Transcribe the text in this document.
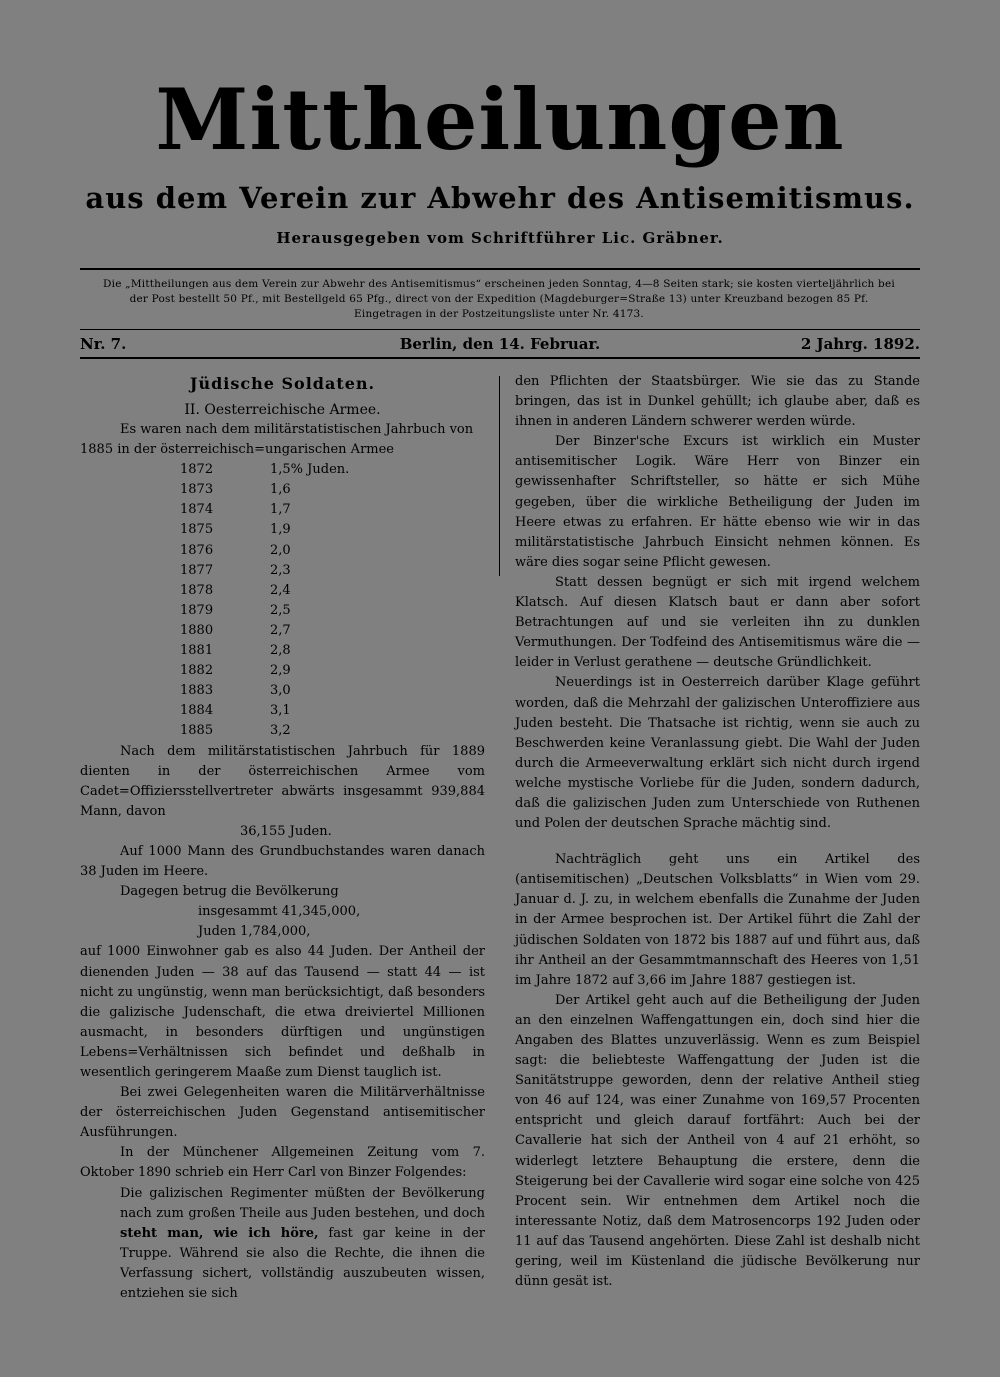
Mittheilungen
aus dem Verein zur Abwehr des Antisemitismus.
Herausgegeben vom Schriftführer Lic. Gräbner.
Die „Mittheilungen aus dem Verein zur Abwehr des Antisemitismus“ erscheinen jeden Sonntag, 4—8 Seiten stark; sie kosten vierteljährlich bei
der Post bestellt 50 Pf., mit Bestellgeld 65 Pfg., direct von der Expedition (Magdeburger=Straße 13) unter Kreuzband bezogen 85 Pf.
Eingetragen in der Postzeitungsliste unter Nr. 4173.
Nr. 7.	Berlin, den 14. Februar.	2 Jahrg. 1892.
Jüdische Soldaten.
II. Oesterreichische Armee.

Es waren nach dem militärstatistischen Jahrbuch von

1885 in der österreichisch=ungarischen Armee

1872	1,5% Juden.
1873	1,6
1874	1,7
1875	1,9
1876	2,0
1877	2,3
1878	2,4
1879	2,5
1880	2,7
1881	2,8
1882	2,9
1883	3,0
1884	3,1
1885	3,2

Nach dem militärstatistischen Jahrbuch für 1889 dienten in der österreichischen Armee vom Cadet=Offiziersstellvertreter abwärts insgesammt 939,884 Mann, davon

36,155 Juden.

Auf 1000 Mann des Grundbuchstandes waren danach 38 Juden im Heere.

Dagegen betrug die Bevölkerung

insgesammt 41,345,000,

Juden 1,784,000,

auf 1000 Einwohner gab es also 44 Juden. Der Antheil der dienenden Juden — 38 auf das Tausend — statt 44 — ist nicht zu ungünstig, wenn man berücksichtigt, daß besonders die galizische Judenschaft, die etwa dreiviertel Millionen ausmacht, in besonders dürftigen und ungünstigen Lebens=Verhältnissen sich befindet und deßhalb in wesentlich geringerem Maaße zum Dienst tauglich ist.

Bei zwei Gelegenheiten waren die Militärverhältnisse der österreichischen Juden Gegenstand antisemitischer Ausführungen.

In der Münchener Allgemeinen Zeitung vom 7. Oktober 1890 schrieb ein Herr Carl von Binzer Folgendes:

Die galizischen Regimenter müßten der Bevölkerung nach zum großen Theile aus Juden bestehen, und doch steht man, wie ich höre, fast gar keine in der Truppe. Während sie also die Rechte, die ihnen die Verfassung sichert, vollständig auszubeuten wissen, entziehen sie sich

den Pflichten der Staatsbürger. Wie sie das zu Stande bringen, das ist in Dunkel gehüllt; ich glaube aber, daß es ihnen in anderen Ländern schwerer werden würde.

Der Binzer'sche Excurs ist wirklich ein Muster antisemitischer Logik. Wäre Herr von Binzer ein gewissenhafter Schriftsteller, so hätte er sich Mühe gegeben, über die wirkliche Betheiligung der Juden im Heere etwas zu erfahren. Er hätte ebenso wie wir in das militärstatistische Jahrbuch Einsicht nehmen können. Es wäre dies sogar seine Pflicht gewesen.

Statt dessen begnügt er sich mit irgend welchem Klatsch. Auf diesen Klatsch baut er dann aber sofort Betrachtungen auf und sie verleiten ihn zu dunklen Vermuthungen. Der Todfeind des Antisemitismus wäre die — leider in Verlust gerathene — deutsche Gründlichkeit.

Neuerdings ist in Oesterreich darüber Klage geführt worden, daß die Mehrzahl der galizischen Unteroffiziere aus Juden besteht. Die Thatsache ist richtig, wenn sie auch zu Beschwerden keine Veranlassung giebt. Die Wahl der Juden durch die Armeeverwaltung erklärt sich nicht durch irgend welche mystische Vorliebe für die Juden, sondern dadurch, daß die galizischen Juden zum Unterschiede von Ruthenen und Polen der deutschen Sprache mächtig sind.

Nachträglich geht uns ein Artikel des (antisemitischen) „Deutschen Volksblatts“ in Wien vom 29. Januar d. J. zu, in welchem ebenfalls die Zunahme der Juden in der Armee besprochen ist. Der Artikel führt die Zahl der jüdischen Soldaten von 1872 bis 1887 auf und führt aus, daß ihr Antheil an der Gesammtmannschaft des Heeres von 1,51 im Jahre 1872 auf 3,66 im Jahre 1887 gestiegen ist.

Der Artikel geht auch auf die Betheiligung der Juden an den einzelnen Waffengattungen ein, doch sind hier die Angaben des Blattes unzuverlässig. Wenn es zum Beispiel sagt: die beliebteste Waffengattung der Juden ist die Sanitätstruppe geworden, denn der relative Antheil stieg von 46 auf 124, was einer Zunahme von 169,57 Procenten entspricht und gleich darauf fortfährt: Auch bei der Cavallerie hat sich der Antheil von 4 auf 21 erhöht, so widerlegt letztere Behauptung die erstere, denn die Steigerung bei der Cavallerie wird sogar eine solche von 425 Procent sein. Wir entnehmen dem Artikel noch die interessante Notiz, daß dem Matrosencorps 192 Juden oder 11 auf das Tausend angehörten. Diese Zahl ist deshalb nicht gering, weil im Küstenland die jüdische Bevölkerung nur dünn gesät ist.
